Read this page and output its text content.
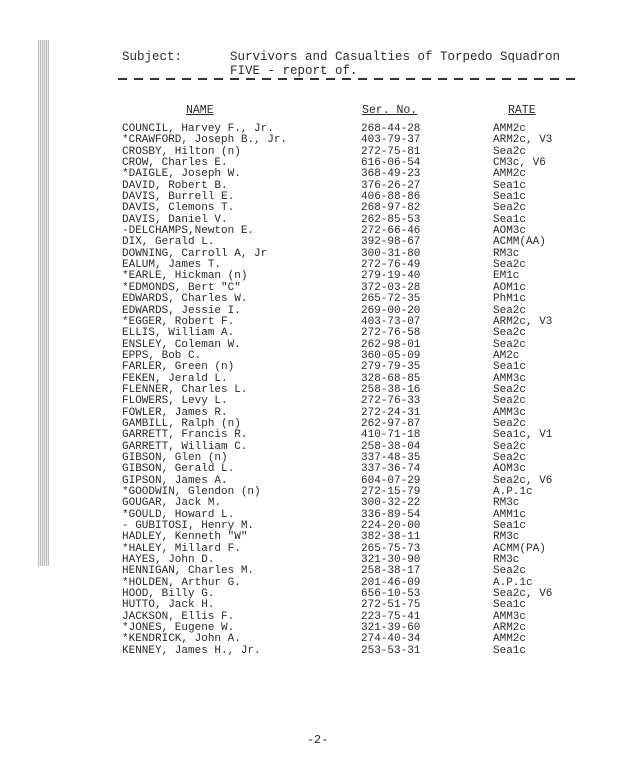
Subject:	Survivors and Casualties of Torpedo Squadron
FIVE - report of.
NAME	Ser. No.	RATE
COUNCIL, Harvey F., Jr.	268-44-28	AMM2c
*CRAWFORD, Joseph B., Jr.	403-79-37	ARM2c, V3
CROSBY, Hilton (n)	272-75-81	Sea2c
CROW, Charles E.	616-06-54	CM3c, V6
*DAIGLE, Joseph W.	368-49-23	AMM2c
DAVID, Robert B.	376-26-27	Sea1c
DAVIS, Burrell E.	406-88-86	Sea1c
DAVIS, Clemons T.	268-97-82	Sea2c
DAVIS, Daniel V.	262-85-53	Sea1c
-DELCHAMPS,Newton E.	272-66-46	AOM3c
DIX, Gerald L.	392-98-67	ACMM(AA)
DOWNING, Carroll A, Jr	300-31-80	RM3c
EALUM, James T.	272-76-49	Sea2c
*EARLE, Hickman (n)	279-19-40	EM1c
*EDMONDS, Bert "C"	372-03-28	AOM1c
EDWARDS, Charles W.	265-72-35	PhM1c
EDWARDS, Jessie I.	269-00-20	Sea2c
*EGGER, Robert F.	403-73-07	ARM2c, V3
ELLIS, William A.	272-76-58	Sea2c
ENSLEY, Coleman W.	262-98-01	Sea2c
EPPS, Bob C.	360-05-09	AM2c
FARLER, Green (n)	279-79-35	Sea1c
FEKEN, Jerald L.	328-68-85	AMM3c
FLENNER, Charles L.	258-38-16	Sea2c
FLOWERS, Levy L.	272-76-33	Sea2c
FOWLER, James R.	272-24-31	AMM3c
GAMBILL, Ralph (n)	262-97-87	Sea2c
GARRETT, Francis R.	410-71-18	Sea1c, V1
GARRETT, William C.	258-38-04	Sea2c
GIBSON, Glen (n)	337-48-35	Sea2c
GIBSON, Gerald L.	337-36-74	AOM3c
GIPSON, James A.	604-07-29	Sea2c, V6
*GOODWIN, Glendon (n)	272-15-79	A.P.1c
GOUGAR, Jack M.	300-32-22	RM3c
*GOULD, Howard L.	336-89-54	AMM1c
- GUBITOSI, Henry M.	224-20-00	Sea1c
HADLEY, Kenneth "W"	382-38-11	RM3c
*HALEY, Millard F.	265-75-73	ACMM(PA)
HAYES, John D.	321-30-90	RM3c
HENNIGAN, Charles M.	258-38-17	Sea2c
*HOLDEN, Arthur G.	201-46-09	A.P.1c
HOOD, Billy G.	656-10-53	Sea2c, V6
HUTTO, Jack H.	272-51-75	Sea1c
JACKSON, Ellis F.	223-75-41	AMM3c
*JONES, Eugene W.	321-39-60	ARM2c
*KENDRICK, John A.	274-40-34	AMM2c
KENNEY, James H., Jr.	253-53-31	Sea1c
-2-
